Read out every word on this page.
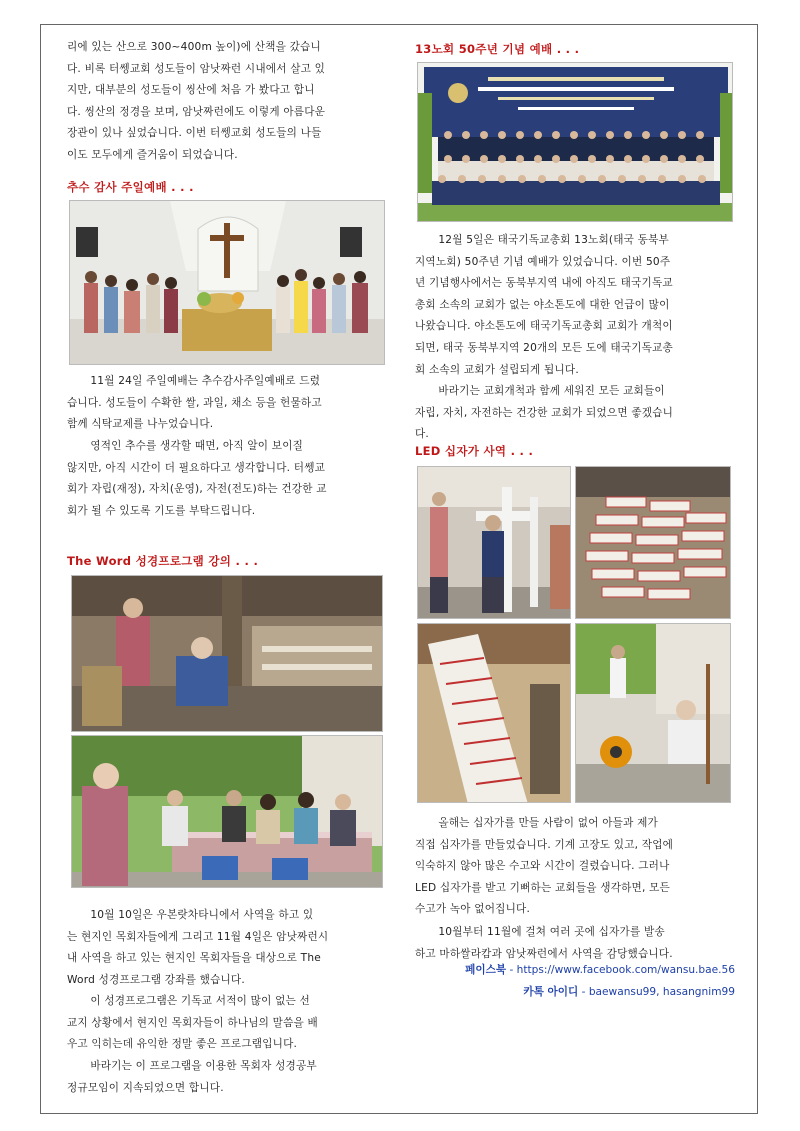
리에 있는 산으로 300~400m 높이)에 산책을 갔습니

다. 비록 터쎙교회 성도들이 암낫짜런 시내에서 살고 있

지만, 대부분의 성도들이 씽산에 처음 가 봤다고 합니

다. 씽산의 정경을 보며, 암낫짜런에도 이렇게 아름다운

장관이 있나 싶었습니다. 이번 터쎙교회 성도들의 나들

이도 모두에게 즐거움이 되었습니다.

추수 감사 주일예배 . . .

11월 24일 주일예배는 추수감사주일예배로 드렸

습니다. 성도들이 수확한 쌀, 과일, 채소 등을 헌물하고

함께 식탁교제를 나누었습니다.

영적인 추수를 생각할 때면, 아직 알이 보이질

않지만, 아직 시간이 더 필요하다고 생각합니다. 터쎙교

회가 자립(재정), 자치(운영), 자전(전도)하는 건강한 교

회가 될 수 있도록 기도를 부탁드립니다.

The Word 성경프로그램 강의 . . .

10월 10일은 우본랏차타니에서 사역을 하고 있

는 현지인 목회자들에게 그리고 11월 4일은 암낫짜런시

내 사역을 하고 있는 현지인 목회자들을 대상으로 The

Word 성경프로그램 강좌를 했습니다.

이 성경프로그램은 기독교 서적이 많이 없는 선

교지 상황에서 현지인 목회자들이 하나님의 말씀을 배

우고 익히는데 유익한 정말 좋은 프로그램입니다.

바라기는 이 프로그램을 이용한 목회자 성경공부

정규모임이 지속되었으면 합니다.

13노회 50주년 기념 예배 . . .

12월 5일은 태국기독교총회 13노회(태국 동북부

지역노회) 50주년 기념 예배가 있었습니다. 이번 50주

년 기념행사에서는 동북부지역 내에 아직도 태국기독교

총회 소속의 교회가 없는 야소톤도에 대한 언급이 많이

나왔습니다. 야소톤도에 태국기독교총회 교회가 개척이

되면, 태국 동북부지역 20개의 모든 도에 태국기독교총

회 소속의 교회가 설립되게 됩니다.

바라기는 교회개척과 함께 세워진 모든 교회들이

자립, 자치, 자전하는 건강한 교회가 되었으면 좋겠습니

다.

LED 십자가 사역 . . .

올해는 십자가를 만들 사람이 없어 아들과 제가

직접 십자가를 만들었습니다. 기계 고장도 있고, 작업에

익숙하지 않아 많은 수고와 시간이 걸렸습니다. 그러나

LED 십자가를 받고 기뻐하는 교회들을 생각하면, 모든

수고가 녹아 없어집니다.

10월부터 11월에 걸쳐 여러 곳에 십자가를 발송

하고 마하쌀라캄과 암낫짜런에서 사역을 감당했습니다.

페이스북 - https://www.facebook.com/wansu.bae.56
카톡 아이디 - baewansu99, hasangnim99
